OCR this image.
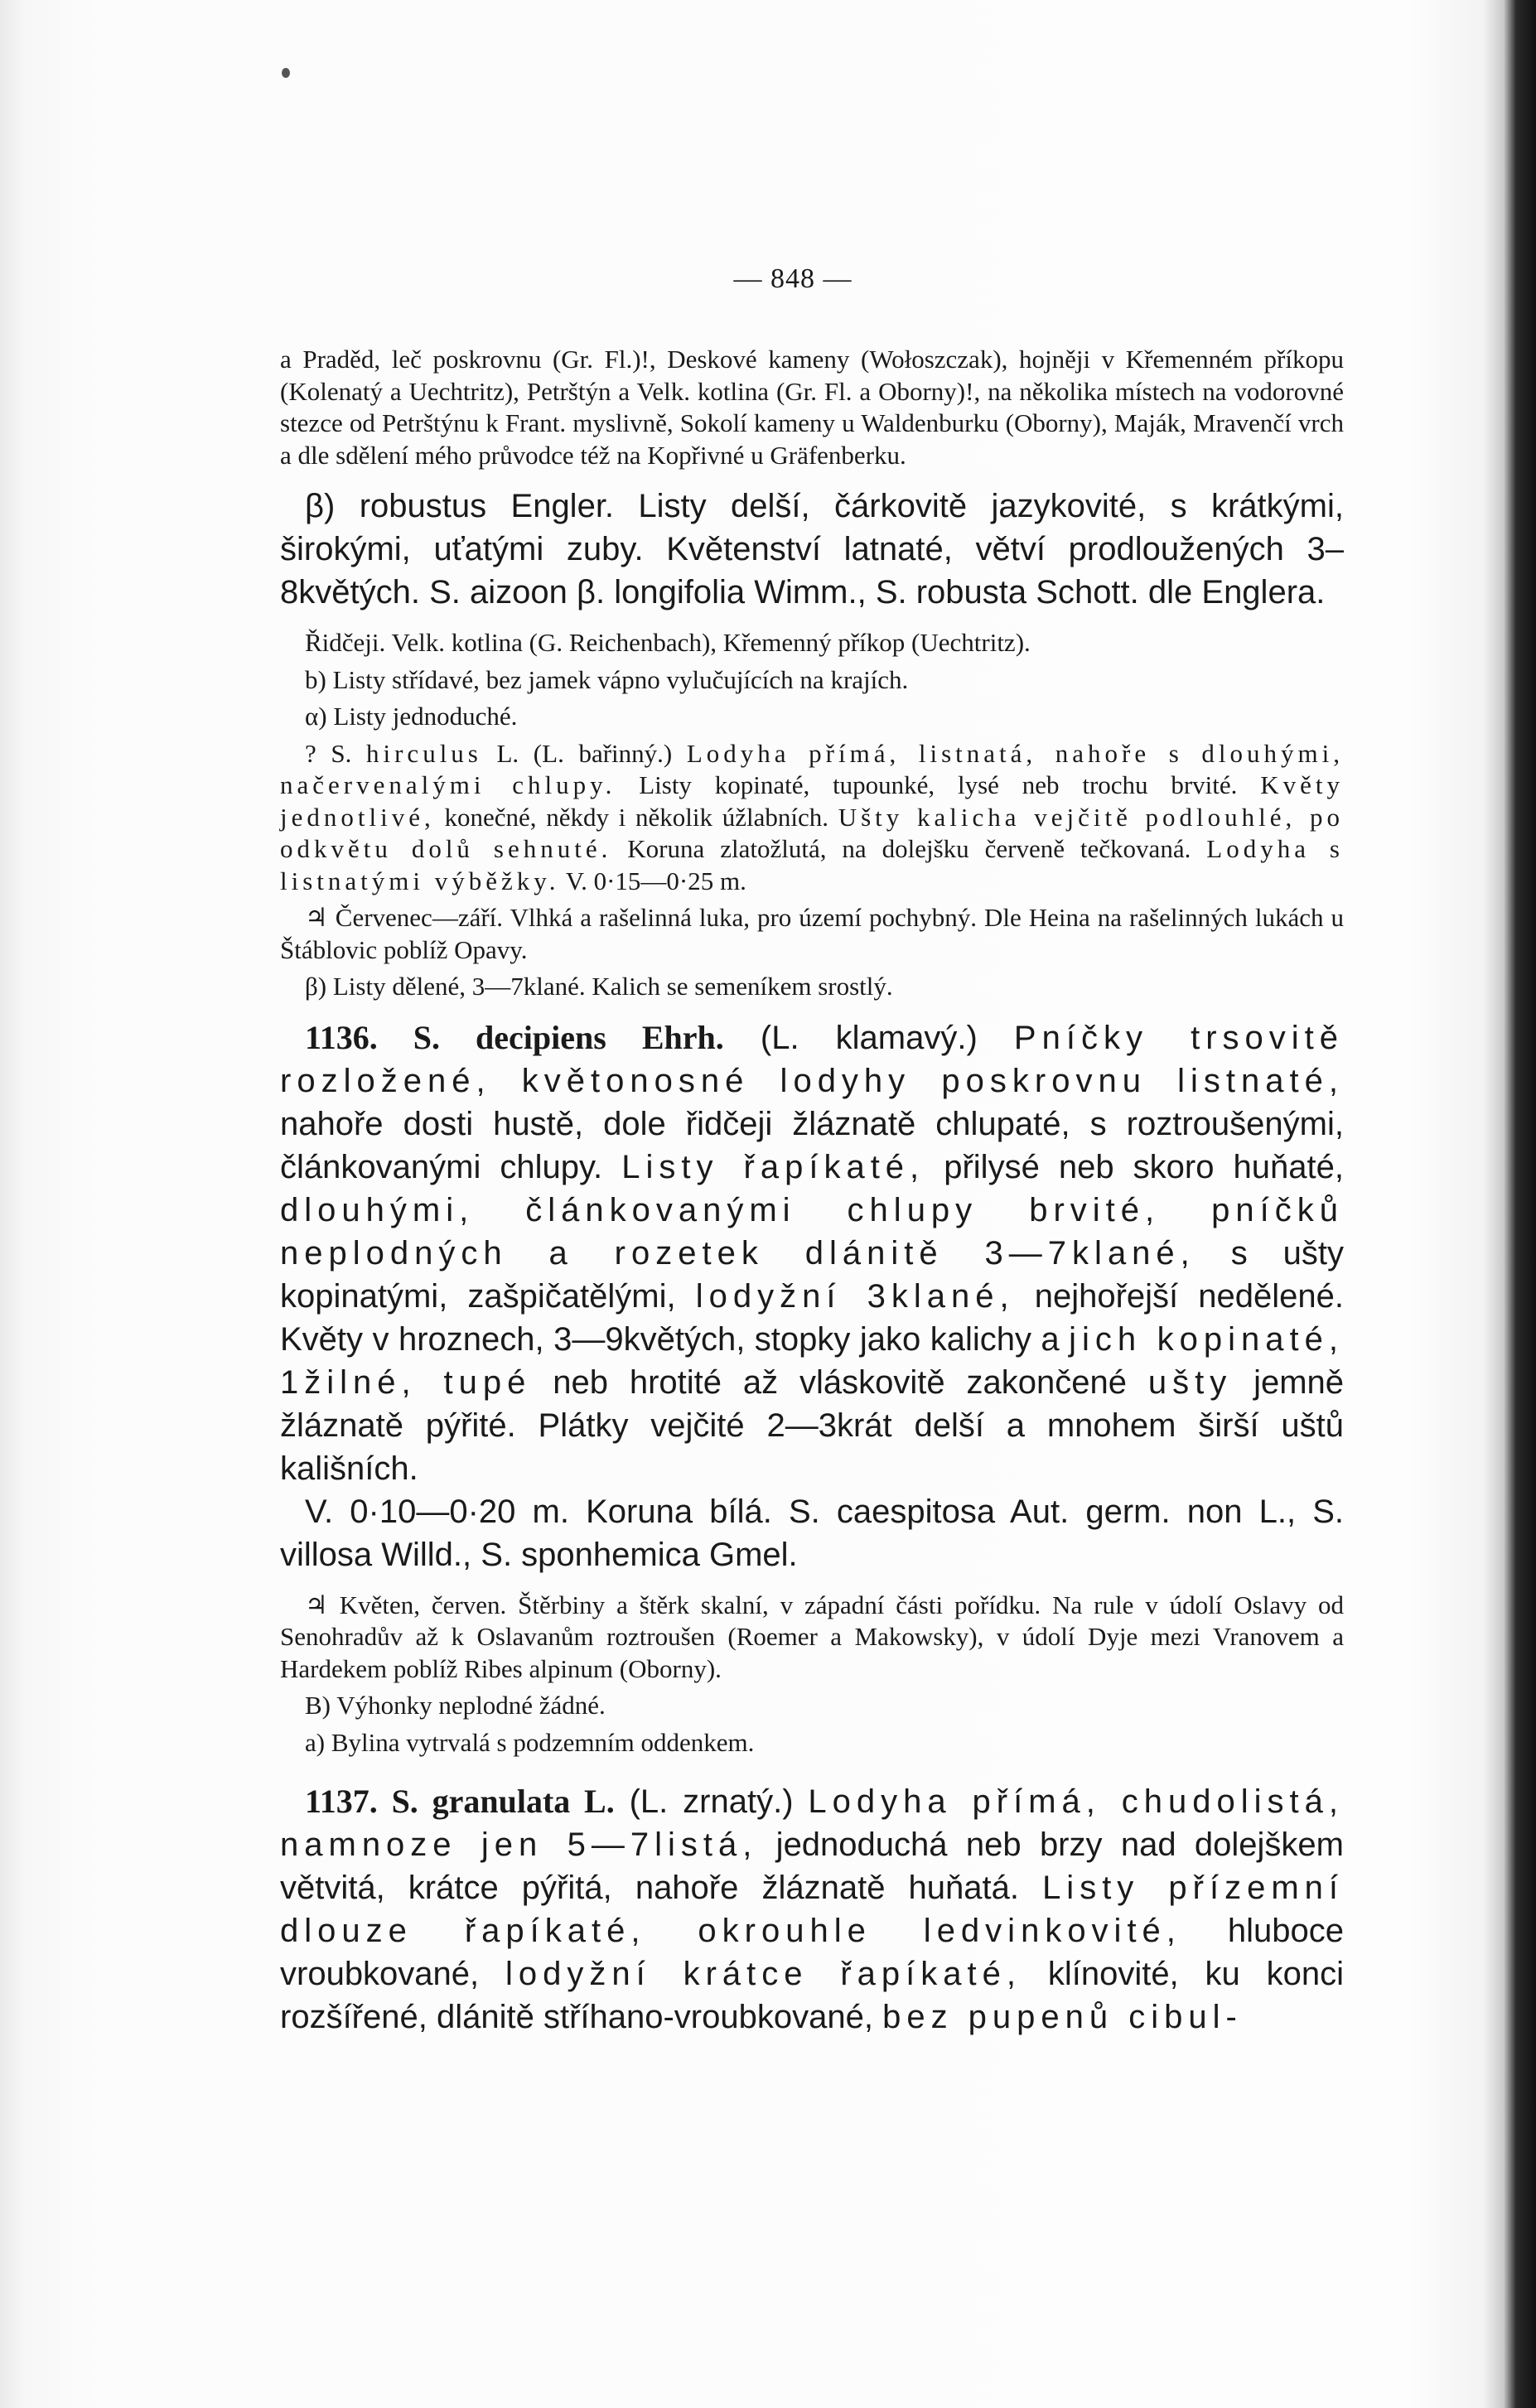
— 848 —

a Praděd, leč poskrovnu (Gr. Fl.)!, Deskové kameny (Wołoszczak), hojněji v Křemenném příkopu (Kolenatý a Uechtritz), Petrštýn a Velk. kotlina (Gr. Fl. a Oborny)!, na několika místech na vodorovné stezce od Petrštýnu k Frant. myslivně, Sokolí kameny u Waldenburku (Oborny), Maják, Mravenčí vrch a dle sdělení mého průvodce též na Kopřivné u Gräfenberku.

β) robustus Engler. Listy delší, čárkovitě jazykovité, s krátkými, širokými, uťatými zuby. Květenství latnaté, větví prodloužených 3–8květých. S. aizoon β. longifolia Wimm., S. robusta Schott. dle Englera.

Řidčeji. Velk. kotlina (G. Reichenbach), Křemenný příkop (Uechtritz).

b) Listy střídavé, bez jamek vápno vylučujících na krajích.

α) Listy jednoduché.

? S. hirculus L. (L. bařinný.) Lodyha přímá, listnatá, nahoře s dlouhými, načervenalými chlupy. Listy kopinaté, tupounké, lysé neb trochu brvité. Květy jednotlivé, konečné, někdy i několik úžlabních. Ušty kalicha vejčitě podlouhlé, po odkvětu dolů sehnuté. Koruna zlatožlutá, na dolejšku červeně tečkovaná. Lodyha s listnatými výběžky. V. 0·15—0·25 m.

♃ Červenec—září. Vlhká a rašelinná luka, pro území pochybný. Dle Heina na rašelinných lukách u Štáblovic poblíž Opavy.

β) Listy dělené, 3—7klané. Kalich se semeníkem srostlý.

1136. S. decipiens Ehrh. (L. klamavý.) Pníčky trsovitě rozložené, květonosné lodyhy poskrovnu listnaté, nahoře dosti hustě, dole řidčeji žláznatě chlupaté, s roztroušenými, článkovanými chlupy. Listy řapíkaté, přilysé neb skoro huňaté, dlouhými, článkovanými chlupy brvité, pníčků neplodných a rozetek dlánitě 3—7klané, s ušty kopinatými, zašpičatělými, lodyžní 3klané, nejhořejší nedělené. Květy v hroznech, 3—9květých, stopky jako kalichy a jich kopinaté, 1žilné, tupé neb hrotité až vláskovitě zakončené ušty jemně žláznatě pýřité. Plátky vejčité 2—3krát delší a mnohem širší uštů kališních.

V. 0·10—0·20 m. Koruna bílá. S. caespitosa Aut. germ. non L., S. villosa Willd., S. sponhemica Gmel.

♃ Květen, červen. Štěrbiny a štěrk skalní, v západní části pořídku. Na rule v údolí Oslavy od Senohradův až k Oslavanům roztroušen (Roemer a Makowsky), v údolí Dyje mezi Vranovem a Hardekem poblíž Ribes alpinum (Oborny).

B) Výhonky neplodné žádné.

a) Bylina vytrvalá s podzemním oddenkem.

1137. S. granulata L. (L. zrnatý.) Lodyha přímá, chudolistá, namnoze jen 5—7listá, jednoduchá neb brzy nad dolejškem větvitá, krátce pýřitá, nahoře žláznatě huňatá. Listy přízemní dlouze řapíkaté, okrouhle ledvinkovité, hluboce vroubkované, lodyžní krátce řapíkaté, klínovité, ku konci rozšířené, dlánitě stříhano-vroubkované, bez pupenů cibul-
